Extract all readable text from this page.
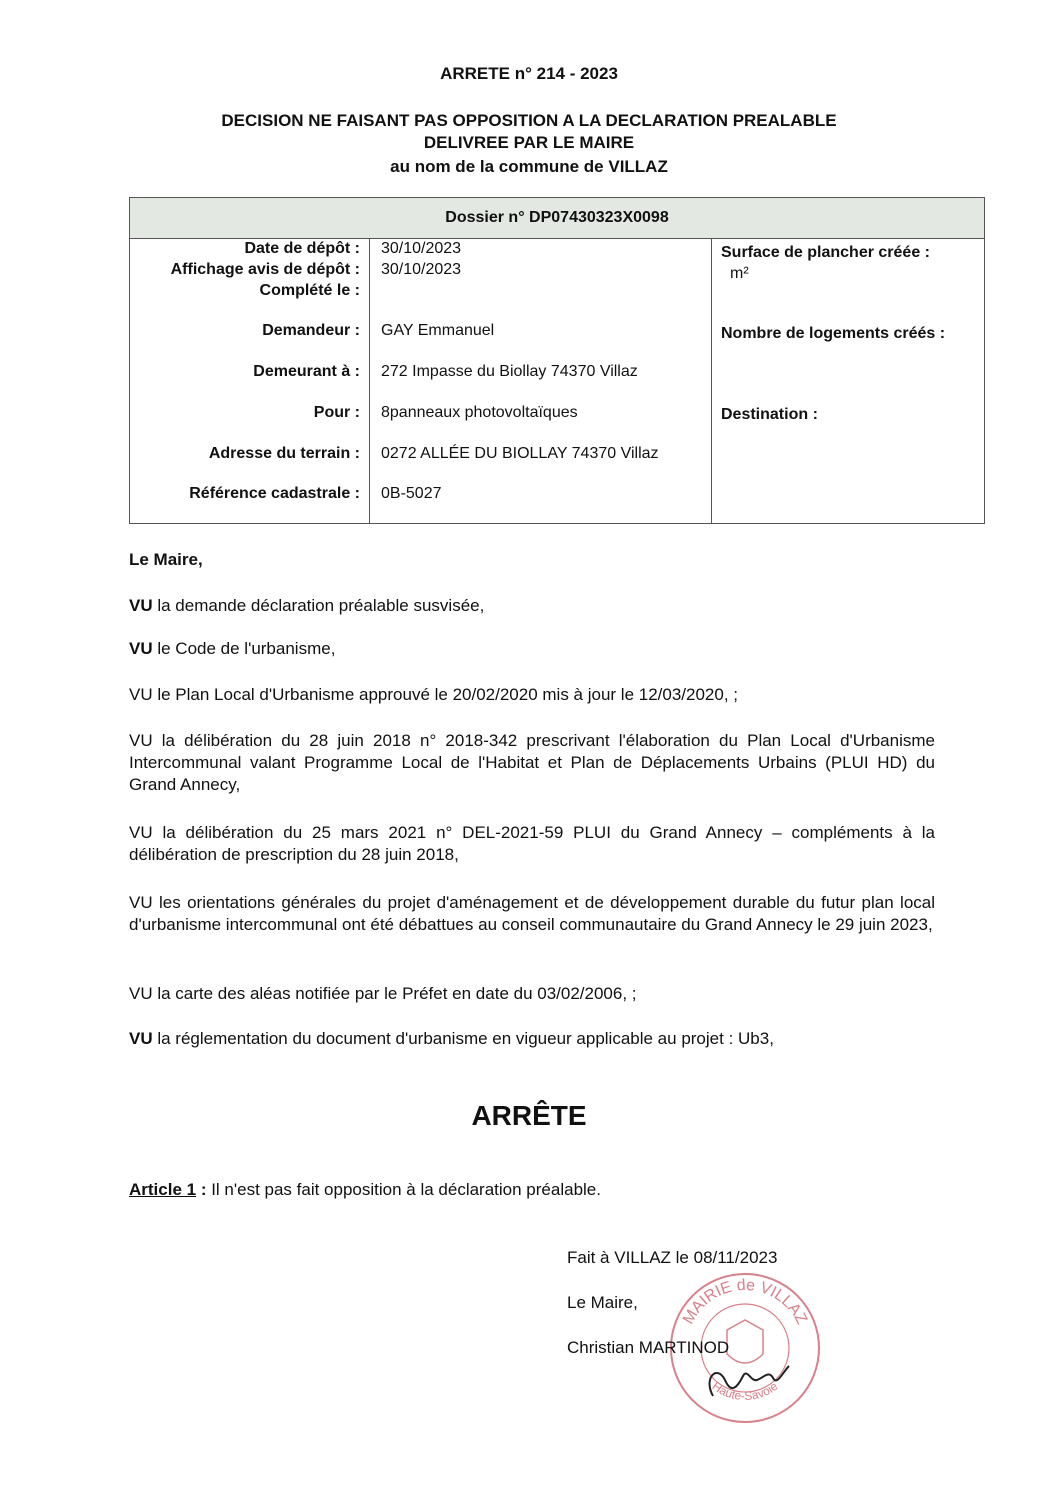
ARRETE n° 214 - 2023
DECISION NE FAISANT PAS OPPOSITION A LA DECLARATION PREALABLE
DELIVREE PAR LE MAIRE
au nom de la commune de VILLAZ
Dossier n° DP07430323X0098
Date de dépôt : 30/10/2023
Affichage avis de dépôt : 30/10/2023
Complété le :
Demandeur : GAY Emmanuel
Demeurant à : 272 Impasse du Biollay 74370 Villaz
Pour : 8panneaux photovoltaïques
Adresse du terrain : 0272 ALLÉE DU BIOLLAY 74370 Villaz
Référence cadastrale : 0B-5027
Surface de plancher créée :
m²
Nombre de logements créés :
Destination :
Le Maire,
VU la demande déclaration préalable susvisée,
VU le Code de l'urbanisme,
VU le Plan Local d'Urbanisme approuvé le 20/02/2020 mis à jour le 12/03/2020, ;
VU la délibération du 28 juin 2018 n° 2018-342 prescrivant l'élaboration du Plan Local d'Urbanisme Intercommunal valant Programme Local de l'Habitat et Plan de Déplacements Urbains (PLUI HD) du Grand Annecy,
VU la délibération du 25 mars 2021 n° DEL-2021-59 PLUI du Grand Annecy – compléments à la délibération de prescription du 28 juin 2018,
VU les orientations générales du projet d'aménagement et de développement durable du futur plan local d'urbanisme intercommunal ont été débattues au conseil communautaire du Grand Annecy le 29 juin 2023,
VU la carte des aléas notifiée par le Préfet en date du 03/02/2006, ;
VU la réglementation du document d'urbanisme en vigueur applicable au projet : Ub3,
ARRÊTE
Article 1 : Il n'est pas fait opposition à la déclaration préalable.
Fait à VILLAZ le 08/11/2023
Le Maire,
MAIRIE de VILLAZ
Haute-Savoie
Christian MARTINOD
